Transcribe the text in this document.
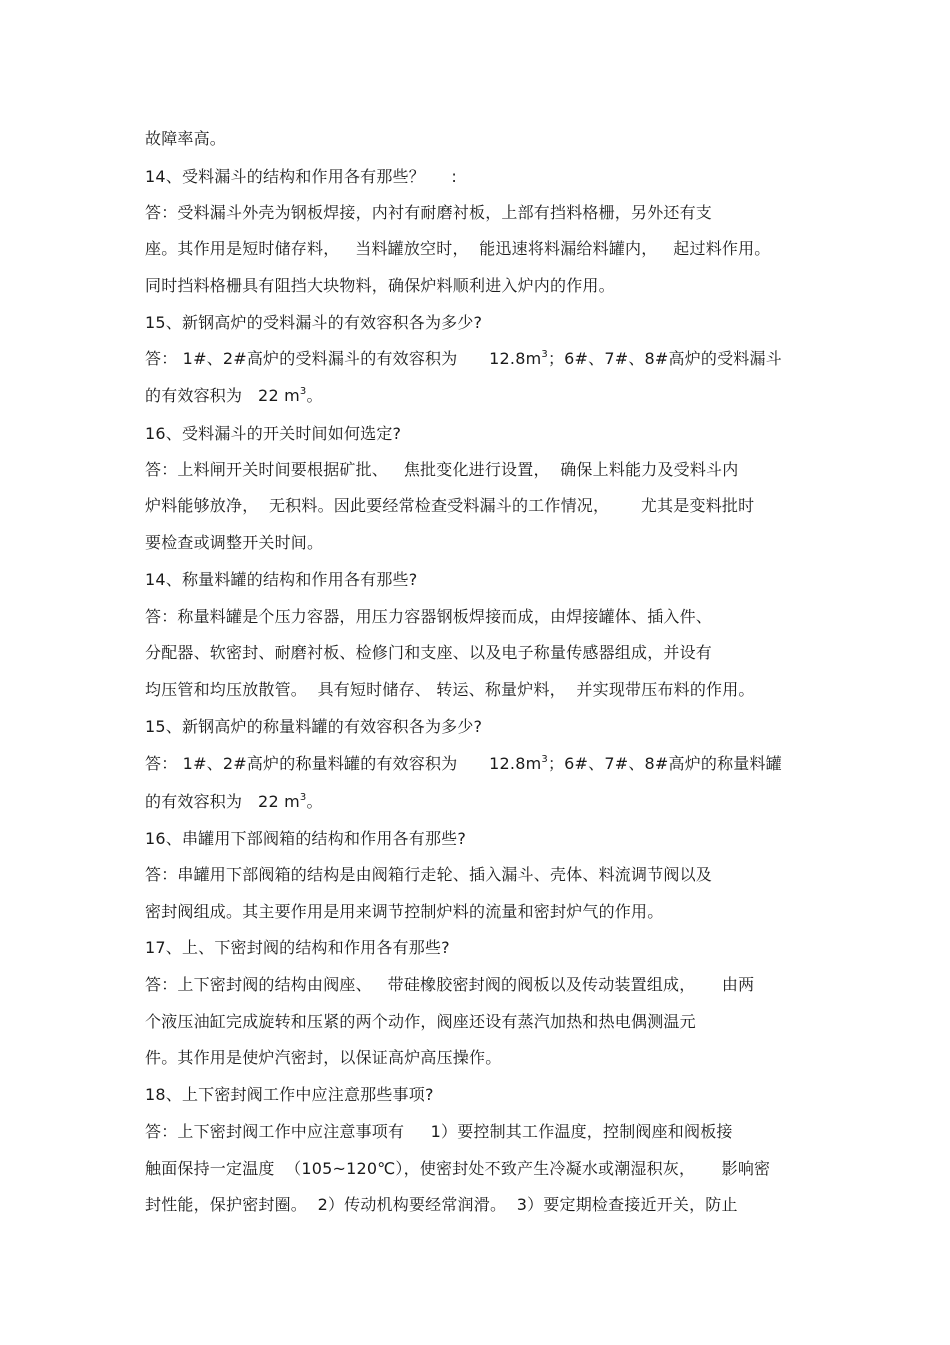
故障率高。
14、受料漏斗的结构和作用各有那些？     :
答：受料漏斗外壳为钢板焊接，内衬有耐磨衬板，上部有挡料格栅，另外还有支
座。其作用是短时储存料，   当料罐放空时，  能迅速将料漏给料罐内，   起过料作用。
同时挡料格栅具有阻挡大块物料，确保炉料顺利进入炉内的作用。
15、新钢高炉的受料漏斗的有效容积各为多少?
答： 1#、2#高炉的受料漏斗的有效容积为      $12.8m^3$；6#、7#、8#高炉的受料漏斗
的有效容积为   22 $m^3$。
16、受料漏斗的开关时间如何选定?
答：上料闸开关时间要根据矿批、   焦批变化进行设置，  确保上料能力及受料斗内
炉料能够放净，  无积料。因此要经常检查受料漏斗的工作情况，      尤其是变料批时
要检查或调整开关时间。
14、称量料罐的结构和作用各有那些?
答：称量料罐是个压力容器，用压力容器钢板焊接而成，由焊接罐体、插入件、
分配器、软密封、耐磨衬板、检修门和支座、以及电子称量传感器组成，并设有
均压管和均压放散管。  具有短时储存、 转运、称量炉料，  并实现带压布料的作用。
15、新钢高炉的称量料罐的有效容积各为多少?
答： 1#、2#高炉的称量料罐的有效容积为      $12.8m^3$；6#、7#、8#高炉的称量料罐
的有效容积为   22 $m^3$。
16、串罐用下部阀箱的结构和作用各有那些?
答：串罐用下部阀箱的结构是由阀箱行走轮、插入漏斗、壳体、料流调节阀以及
密封阀组成。其主要作用是用来调节控制炉料的流量和密封炉气的作用。
17、上、下密封阀的结构和作用各有那些?
答：上下密封阀的结构由阀座、   带硅橡胶密封阀的阀板以及传动装置组成，     由两
个液压油缸完成旋转和压紧的两个动作，阀座还设有蒸汽加热和热电偶测温元
件。其作用是使炉汽密封，以保证高炉高压操作。
18、上下密封阀工作中应注意那些事项?
答：上下密封阀工作中应注意事项有     1）要控制其工作温度，控制阀座和阀板接
触面保持一定温度  （105~120℃），使密封处不致产生冷凝水或潮湿积灰，     影响密
封性能，保护密封圈。  2）传动机构要经常润滑。  3）要定期检查接近开关，防止
